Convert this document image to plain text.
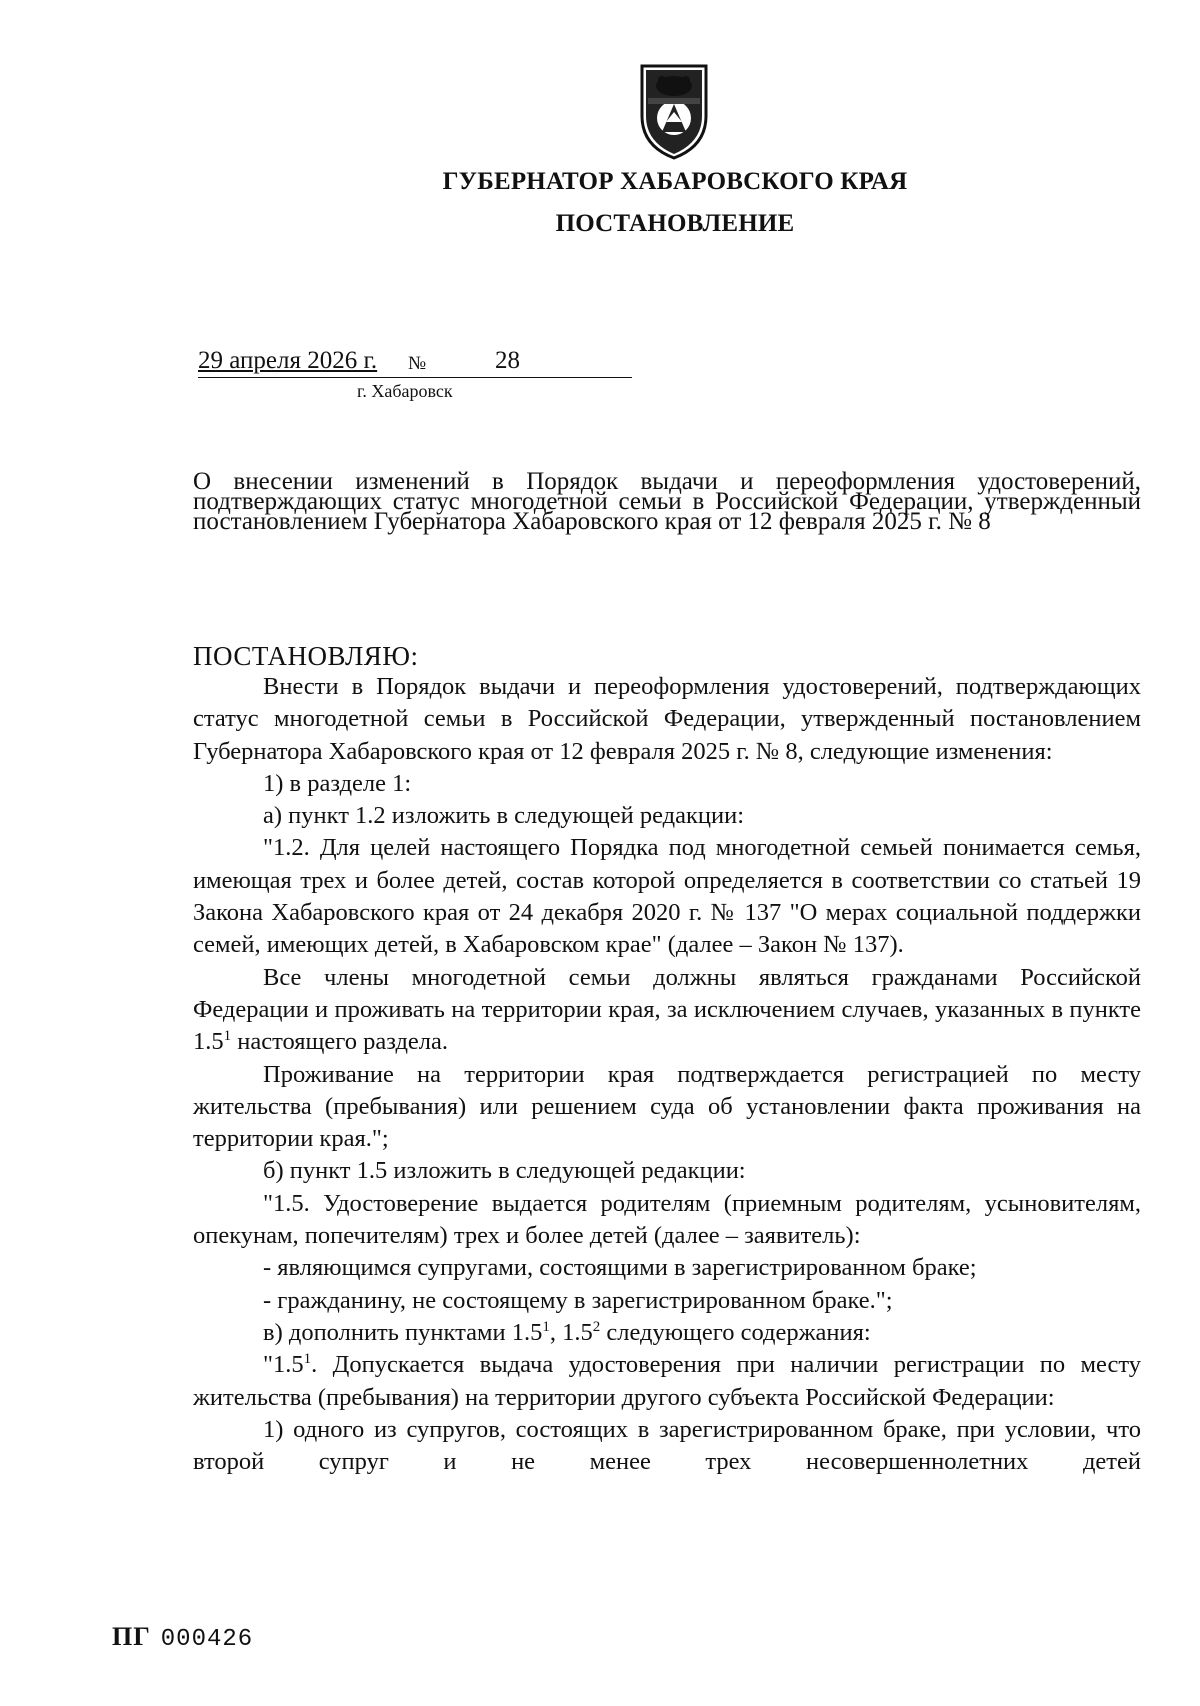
ГУБЕРНАТОР ХАБАРОВСКОГО КРАЯ
ПОСТАНОВЛЕНИЕ
29 апреля 2026 г. №	28
г. Хабаровск
О внесении изменений в Порядок выдачи и переоформления удостоверений, подтверждающих статус многодетной семьи в Российской Федерации, утвержденный постановлением Губернатора Хабаровского края от 12 февраля 2025 г. № 8
ПОСТАНОВЛЯЮ:

Внести в Порядок выдачи и переоформления удостоверений, подтверждающих статус многодетной семьи в Российской Федерации, утвержденный постановлением Губернатора Хабаровского края от 12 февраля 2025 г. № 8, следующие изменения:

1) в разделе 1:

а) пункт 1.2 изложить в следующей редакции:

"1.2. Для целей настоящего Порядка под многодетной семьей понимается семья, имеющая трех и более детей, состав которой определяется в соответствии со статьей 19 Закона Хабаровского края от 24 декабря 2020 г. № 137 "О мерах социальной поддержки семей, имеющих детей, в Хабаровском крае" (далее – Закон № 137).

Все члены многодетной семьи должны являться гражданами Российской Федерации и проживать на территории края, за исключением случаев, указанных в пункте $1.5^1$ настоящего раздела.

Проживание на территории края подтверждается регистрацией по месту жительства (пребывания) или решением суда об установлении факта проживания на территории края.";

б) пункт 1.5 изложить в следующей редакции:

"1.5. Удостоверение выдается родителям (приемным родителям, усыновителям, опекунам, попечителям) трех и более детей (далее – заявитель):

- являющимся супругами, состоящими в зарегистрированном браке;

- гражданину, не состоящему в зарегистрированном браке.";

в) дополнить пунктами $1.5^1$, $1.5^2$ следующего содержания:

"$1.5^1$. Допускается выдача удостоверения при наличии регистрации по месту жительства (пребывания) на территории другого субъекта Российской Федерации:

1) одного из супругов, состоящих в зарегистрированном браке, при условии, что второй супруг и не менее трех несовершеннолетних детей

ПГ 000426
